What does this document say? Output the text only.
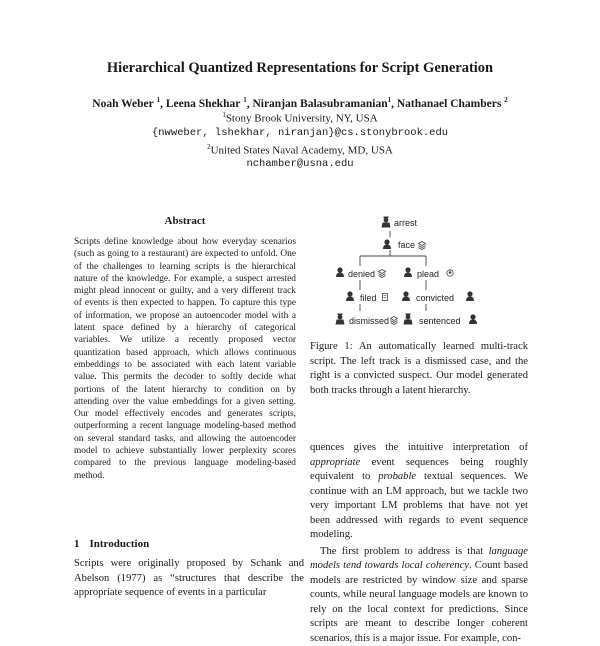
Hierarchical Quantized Representations for Script Generation
Noah Weber $^1$, Leena Shekhar $^1$, Niranjan Balasubramanian$^1$, Nathanael Chambers $^2$
$^1$Stony Brook University, NY, USA
{nwweber, lshekhar, niranjan}@cs.stonybrook.edu
$^2$United States Naval Academy, MD, USA
nchamber@usna.edu
Abstract
Scripts define knowledge about how everyday scenarios (such as going to a restaurant) are expected to unfold. One of the challenges to learning scripts is the hierarchical nature of the knowledge. For example, a suspect arrested might plead innocent or guilty, and a very different track of events is then expected to happen. To capture this type of information, we propose an autoencoder model with a latent space defined by a hierarchy of categorical variables. We utilize a recently proposed vector quantization based approach, which allows continuous embeddings to be associated with each latent variable value. This permits the decoder to softly decide what portions of the latent hierarchy to condition on by attending over the value embeddings for a given setting. Our model effectively encodes and generates scripts, outperforming a recent language modeling-based method on several standard tasks, and allowing the autoencoder model to achieve substantially lower perplexity scores compared to the previous language modeling-based method.
1 Introduction
Scripts were originally proposed by Schank and Abelson (1977) as “structures that describe the appropriate sequence of events in a particular
arrest
face
denied	plead
filed	convicted
dismissed	sentenced
Figure 1: An automatically learned multi-track script. The left track is a dismissed case, and the right is a convicted suspect. Our model generated both tracks through a latent hierarchy.

quences gives the intuitive interpretation of appropriate event sequences being roughly equivalent to probable textual sequences. We continue with an LM approach, but we tackle two very important LM problems that have not yet been addressed with regards to event sequence modeling.

The first problem to address is that language models tend towards local coherency. Count based models are restricted by window size and sparse counts, while neural language models are known to rely on the local context for predictions. Since scripts are meant to describe longer coherent scenarios, this is a major issue. For example, con-
